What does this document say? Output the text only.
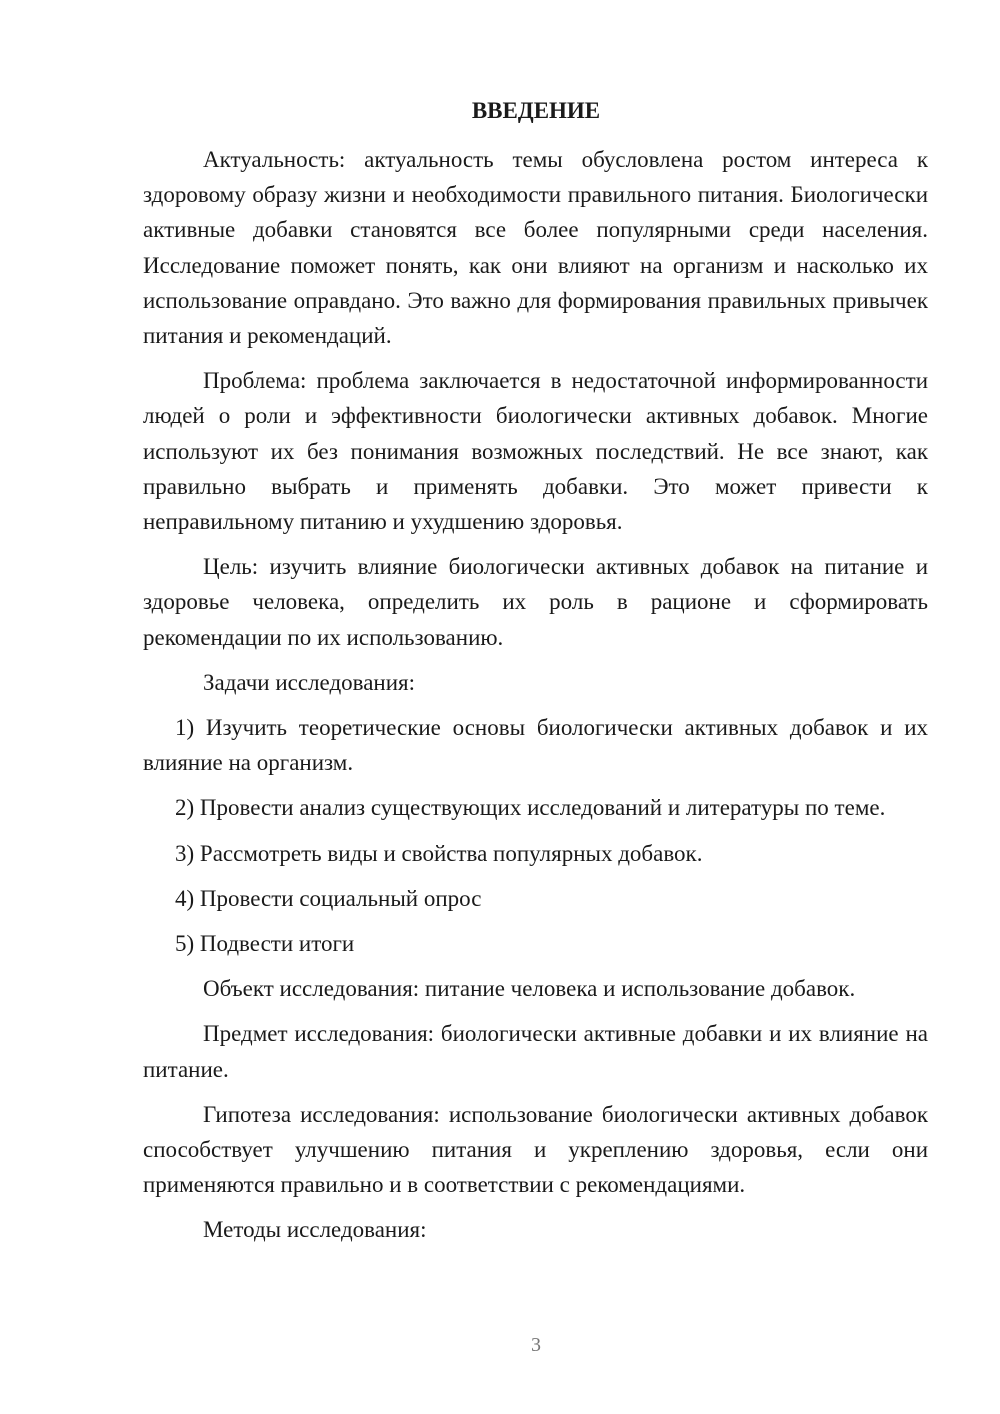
ВВЕДЕНИЕ

Актуальность: актуальность темы обусловлена ростом интереса к здоровому образу жизни и необходимости правильного питания. Биологически активные добавки становятся все более популярными среди населения. Исследование поможет понять, как они влияют на организм и насколько их использование оправдано. Это важно для формирования правильных привычек питания и рекомендаций.

Проблема: проблема заключается в недостаточной информированности людей о роли и эффективности биологически активных добавок. Многие используют их без понимания возможных последствий. Не все знают, как правильно выбрать и применять добавки. Это может привести к неправильному питанию и ухудшению здоровья.

Цель: изучить влияние биологически активных добавок на питание и здоровье человека, определить их роль в рационе и сформировать рекомендации по их использованию.

Задачи исследования:

1) Изучить теоретические основы биологически активных добавок и их влияние на организм.

2) Провести анализ существующих исследований и литературы по теме.

3) Рассмотреть виды и свойства популярных добавок.

4) Провести социальный опрос

5) Подвести итоги

Объект исследования: питание человека и использование добавок.

Предмет исследования: биологически активные добавки и их влияние на питание.

Гипотеза исследования: использование биологически активных добавок способствует улучшению питания и укреплению здоровья, если они применяются правильно и в соответствии с рекомендациями.

Методы исследования:

3
